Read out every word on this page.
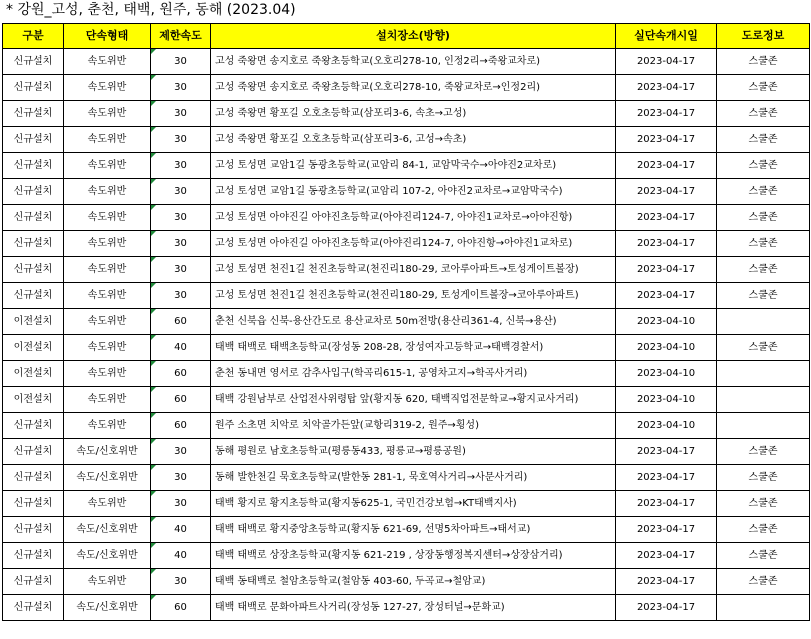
* 강원_고성, 춘천, 태백, 원주, 동해 (2023.04)
구분	단속형태	제한속도	설치장소(방향)	실단속개시일	도로정보
신규설치	속도위반	30	고성 죽왕면 송지호로 죽왕초등학교(오호리278-10, 인정2리→죽왕교차로)	2023-04-17	스쿨존
신규설치	속도위반	30	고성 죽왕면 송지호로 죽왕초등학교(오호리278-10, 죽왕교차로→인정2리)	2023-04-17	스쿨존
신규설치	속도위반	30	고성 죽왕면 황포길 오호초등학교(삼포리3-6, 속초→고성)	2023-04-17	스쿨존
신규설치	속도위반	30	고성 죽왕면 황포길 오호초등학교(삼포리3-6, 고성→속초)	2023-04-17	스쿨존
신규설치	속도위반	30	고성 토성면 교암1길 동광초등학교(교암리 84-1, 교암막국수→아야진2교차로)	2023-04-17	스쿨존
신규설치	속도위반	30	고성 토성면 교암1길 동광초등학교(교암리 107-2, 아야진2교차로→교암막국수)	2023-04-17	스쿨존
신규설치	속도위반	30	고성 토성면 아야진길 아야진초등학교(아야진리124-7, 아야진1교차로→아야진항)	2023-04-17	스쿨존
신규설치	속도위반	30	고성 토성면 아야진길 아야진초등학교(아야진리124-7, 아야진항→아야진1교차로)	2023-04-17	스쿨존
신규설치	속도위반	30	고성 토성면 천진1길 천진초등학교(천진리180-29, 코아루아파트→토성게이트볼장)	2023-04-17	스쿨존
신규설치	속도위반	30	고성 토성면 천진1길 천진초등학교(천진리180-29, 토성게이트볼장→코아루아파트)	2023-04-17	스쿨존
이전설치	속도위반	60	춘천 신북읍 신북-용산간도로 용산교차로 50m전방(용산리361-4, 신북→용산)	2023-04-10	
이전설치	속도위반	40	태백 태백로 태백초등학교(장성동 208-28, 장성여자고등학교→태백경찰서)	2023-04-10	스쿨존
이전설치	속도위반	60	춘천 동내면 영서로 감추사입구(학곡리615-1, 공영차고지→학곡사거리)	2023-04-10	
이전설치	속도위반	60	태백 강원남부로 산업전사위령탑 앞(황지동 620, 태백직업전문학교→황지교사거리)	2023-04-10	
신규설치	속도위반	60	원주 소초면 치악로 치악골가든앞(교항리319-2, 원주→횡성)	2023-04-10	
신규설치	속도/신호위반	30	동해 평원로 남호초등학교(평릉동433, 평릉교→평릉공원)	2023-04-17	스쿨존
신규설치	속도/신호위반	30	동해 발한천길 묵호초등학교(발한동 281-1, 묵호역사거리→사문사거리)	2023-04-17	스쿨존
신규설치	속도위반	30	태백 황지로 황지초등학교(황지동625-1, 국민건강보험→KT태백지사)	2023-04-17	스쿨존
신규설치	속도/신호위반	40	태백 태백로 황지중앙초등학교(황지동 621-69, 선명5차아파트→태서교)	2023-04-17	스쿨존
신규설치	속도/신호위반	40	태백 태백로 상장초등학교(황지동 621-219 , 상장동행정복지센터→상장삼거리)	2023-04-17	스쿨존
신규설치	속도위반	30	태백 동태백로 철암초등학교(철암동 403-60, 두곡교→철암교)	2023-04-17	스쿨존
신규설치	속도/신호위반	60	태백 태백로 문화아파트사거리(장성동 127-27, 장성터널→문화교)	2023-04-17	
